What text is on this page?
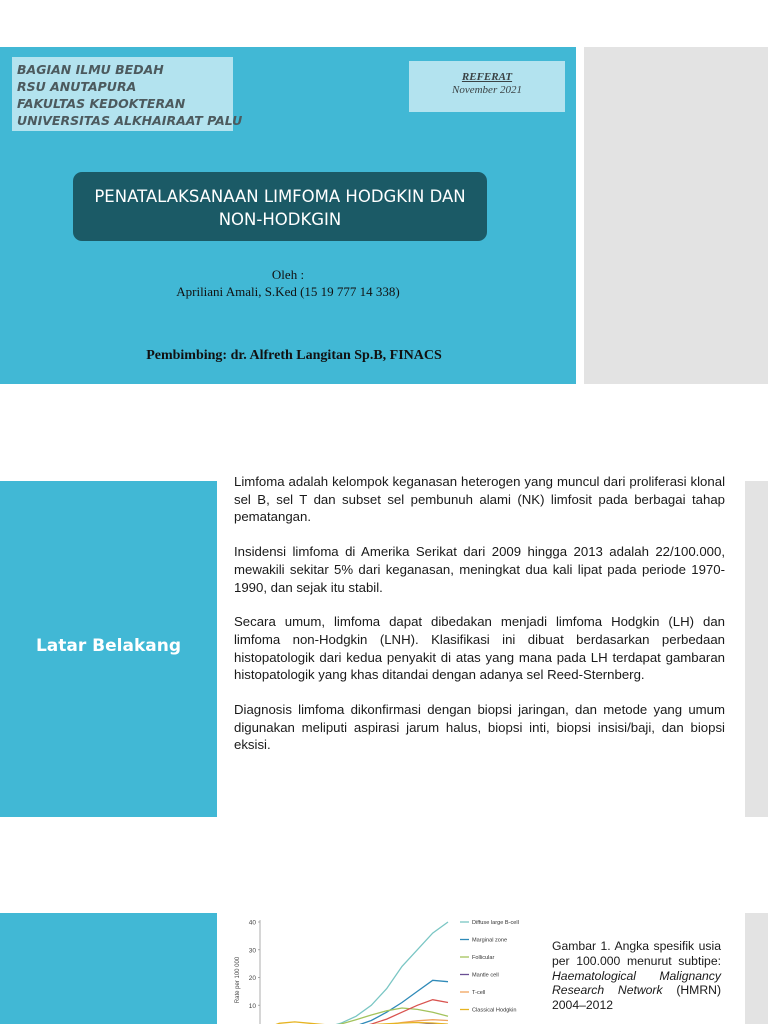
BAGIAN ILMU BEDAH
RSU ANUTAPURA
FAKULTAS KEDOKTERAN
UNIVERSITAS ALKHAIRAAT PALU
REFERAT
November 2021
PENATALAKSANAAN LIMFOMA HODGKIN DAN
NON-HODKGIN
Oleh :
Apriliani Amali, S.Ked (15 19 777 14 338)
Pembimbing: dr. Alfreth Langitan Sp.B, FINACS
Latar Belakang

Limfoma adalah kelompok keganasan heterogen yang muncul dari proliferasi klonal sel B, sel T dan subset sel pembunuh alami (NK) limfosit pada berbagai tahap pematangan.

Insidensi limfoma di Amerika Serikat dari 2009 hingga 2013 adalah 22/100.000, mewakili sekitar 5% dari keganasan, meningkat dua kali lipat pada periode 1970-1990, dan sejak itu stabil.

Secara umum, limfoma dapat dibedakan menjadi limfoma Hodgkin (LH) dan limfoma non-Hodgkin (LNH). Klasifikasi ini dibuat berdasarkan perbedaan histopatologik dari kedua penyakit di atas yang mana pada LH terdapat gambaran histopatologik yang khas ditandai dengan adanya sel Reed-Sternberg.

Diagnosis limfoma dikonfirmasi dengan biopsi jaringan, dan metode yang umum digunakan meliputi aspirasi jarum halus, biopsi inti, biopsi insisi/baji, dan biopsi eksisi.

40
30
20
10
Rate per 100 000
Diffuse large B-cell
Marginal zone
Follicular
Mantle cell
T-cell
Classical Hodgkin
Gambar 1. Angka spesifik usia per 100.000 menurut subtipe: Haematological Malignancy Research Network (HMRN) 2004–2012
